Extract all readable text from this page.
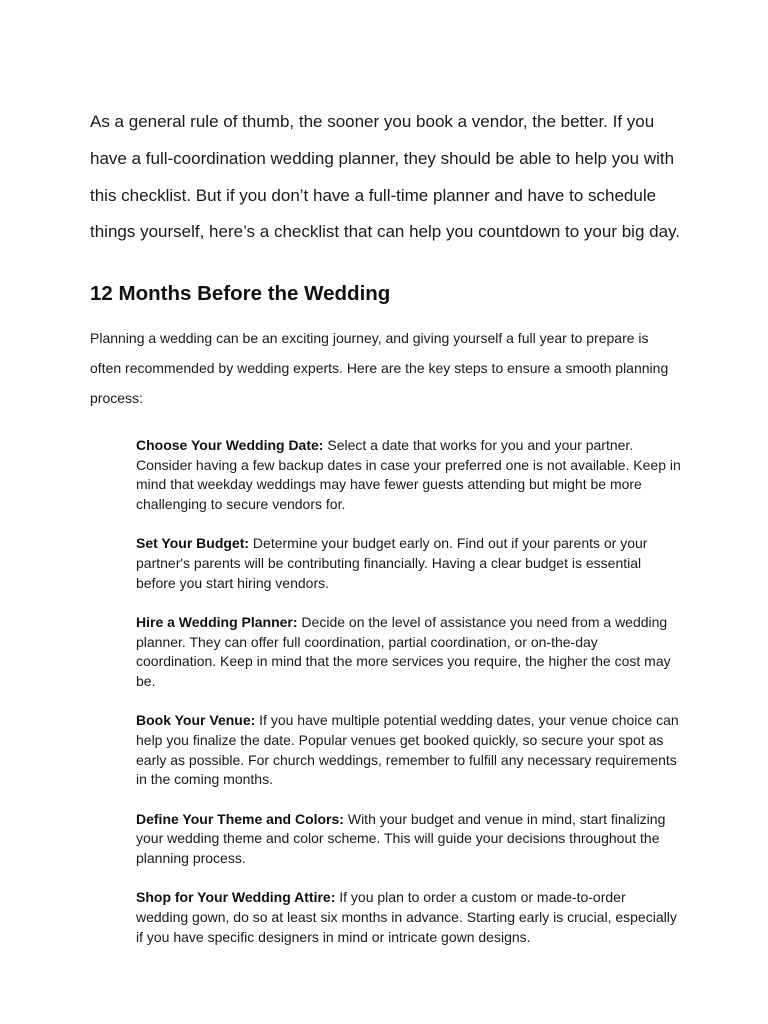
As a general rule of thumb, the sooner you book a vendor, the better. If you have a full-coordination wedding planner, they should be able to help you with this checklist. But if you don’t have a full-time planner and have to schedule things yourself, here’s a checklist that can help you countdown to your big day.

12 Months Before the Wedding

Planning a wedding can be an exciting journey, and giving yourself a full year to prepare is often recommended by wedding experts. Here are the key steps to ensure a smooth planning process:

Choose Your Wedding Date: Select a date that works for you and your partner. Consider having a few backup dates in case your preferred one is not available. Keep in mind that weekday weddings may have fewer guests attending but might be more challenging to secure vendors for.
Set Your Budget: Determine your budget early on. Find out if your parents or your partner's parents will be contributing financially. Having a clear budget is essential before you start hiring vendors.
Hire a Wedding Planner: Decide on the level of assistance you need from a wedding planner. They can offer full coordination, partial coordination, or on-the-day coordination. Keep in mind that the more services you require, the higher the cost may be.
Book Your Venue: If you have multiple potential wedding dates, your venue choice can help you finalize the date. Popular venues get booked quickly, so secure your spot as early as possible. For church weddings, remember to fulfill any necessary requirements in the coming months.
Define Your Theme and Colors: With your budget and venue in mind, start finalizing your wedding theme and color scheme. This will guide your decisions throughout the planning process.
Shop for Your Wedding Attire: If you plan to order a custom or made-to-order wedding gown, do so at least six months in advance. Starting early is crucial, especially if you have specific designers in mind or intricate gown designs.
